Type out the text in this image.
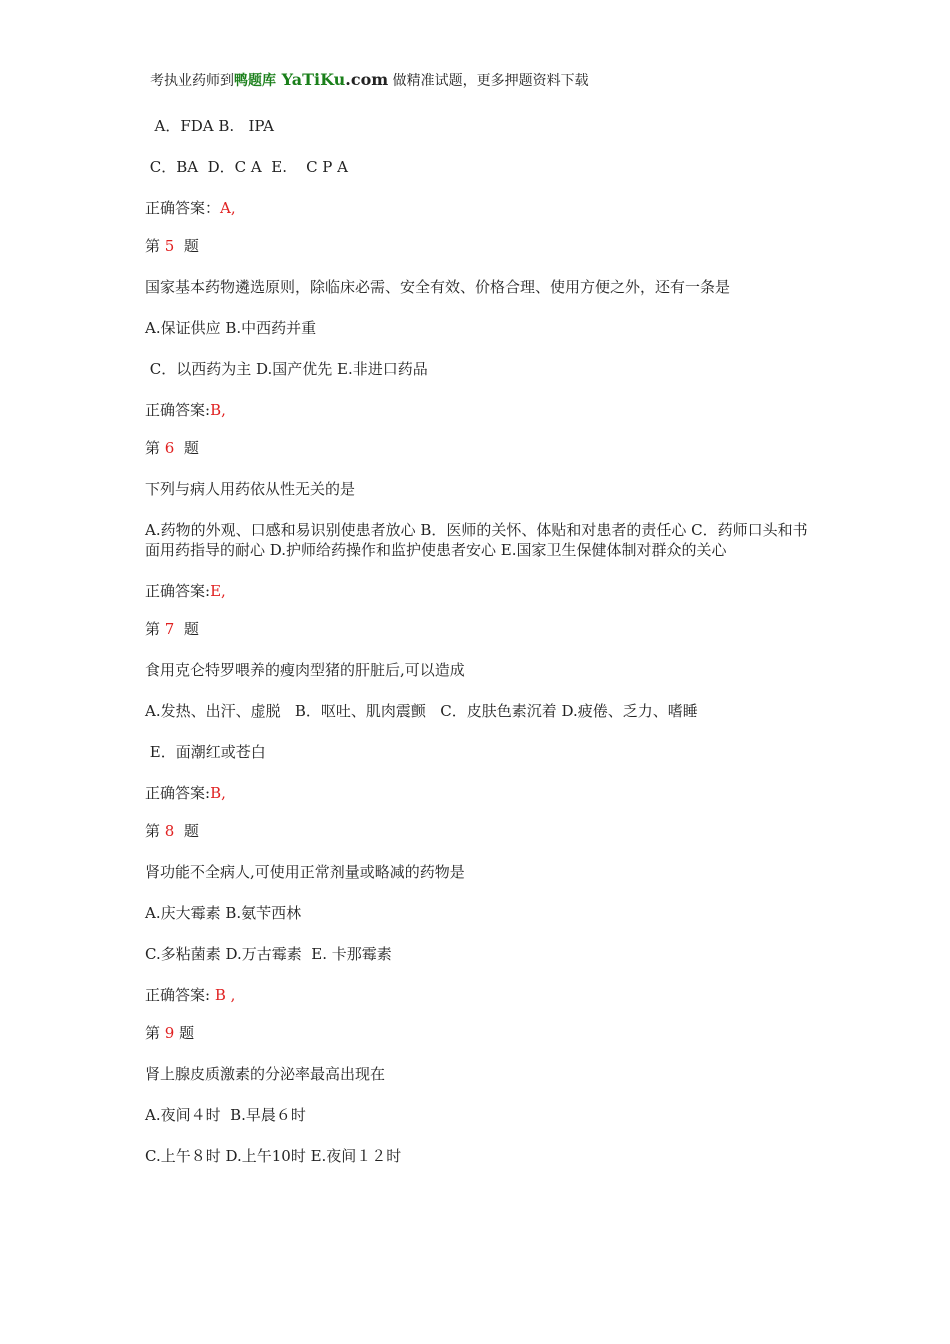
考执业药师到鸭题库 YaTiKu.com 做精准试题，更多押题资料下载

A．FDA B.   IPA

C．BA  D．C A  E.    C P A

正确答案：A,

第 5  题

国家基本药物遴选原则，除临床必需、安全有效、价格合理、使用方便之外，还有一条是

A.保证供应 B.中西药并重

C．以西药为主 D.国产优先 E.非进口药品

正确答案:B,

第 6  题

下列与病人用药依从性无关的是

A.药物的外观、口感和易识别使患者放心 B．医师的关怀、体贴和对患者的责任心 C．药师口头和书面用药指导的耐心 D.护师给药操作和监护使患者安心 E.国家卫生保健体制对群众的关心

正确答案:E,

第 7  题

食用克仑特罗喂养的瘦肉型猪的肝脏后,可以造成

A.发热、出汗、虚脱   B．呕吐、肌肉震颤   C．皮肤色素沉着 D.疲倦、乏力、嗜睡

E．面潮红或苍白

正确答案:B,

第 8  题

肾功能不全病人,可使用正常剂量或略减的药物是

A.庆大霉素 B.氨苄西林

C.多粘菌素 D.万古霉素  E. 卡那霉素

正确答案: B ,

第 9 题

肾上腺皮质激素的分泌率最高出现在

A.夜间４时  B.早晨６时

C.上午８时 D.上午10时 E.夜间１２时
